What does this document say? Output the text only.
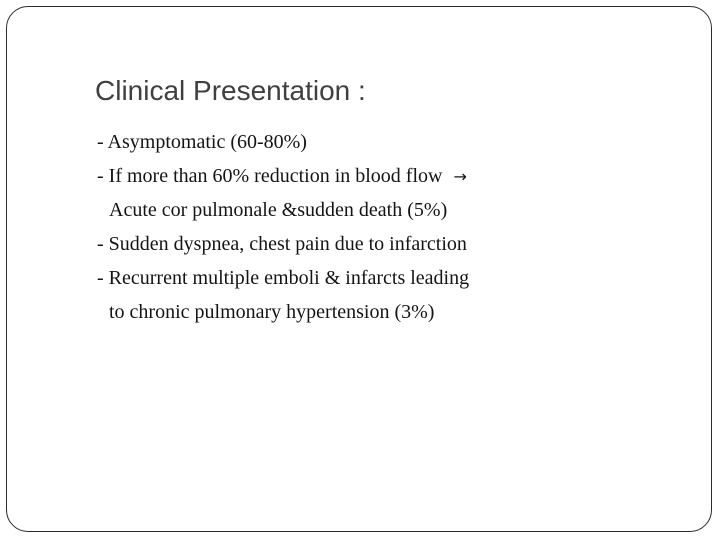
Clinical Presentation :
- Asymptomatic (60-80%)
- If more than 60% reduction in blood flow →
Acute cor pulmonale &sudden death (5%)
- Sudden dyspnea, chest pain due to infarction
- Recurrent multiple emboli & infarcts leading
to chronic pulmonary hypertension (3%)
